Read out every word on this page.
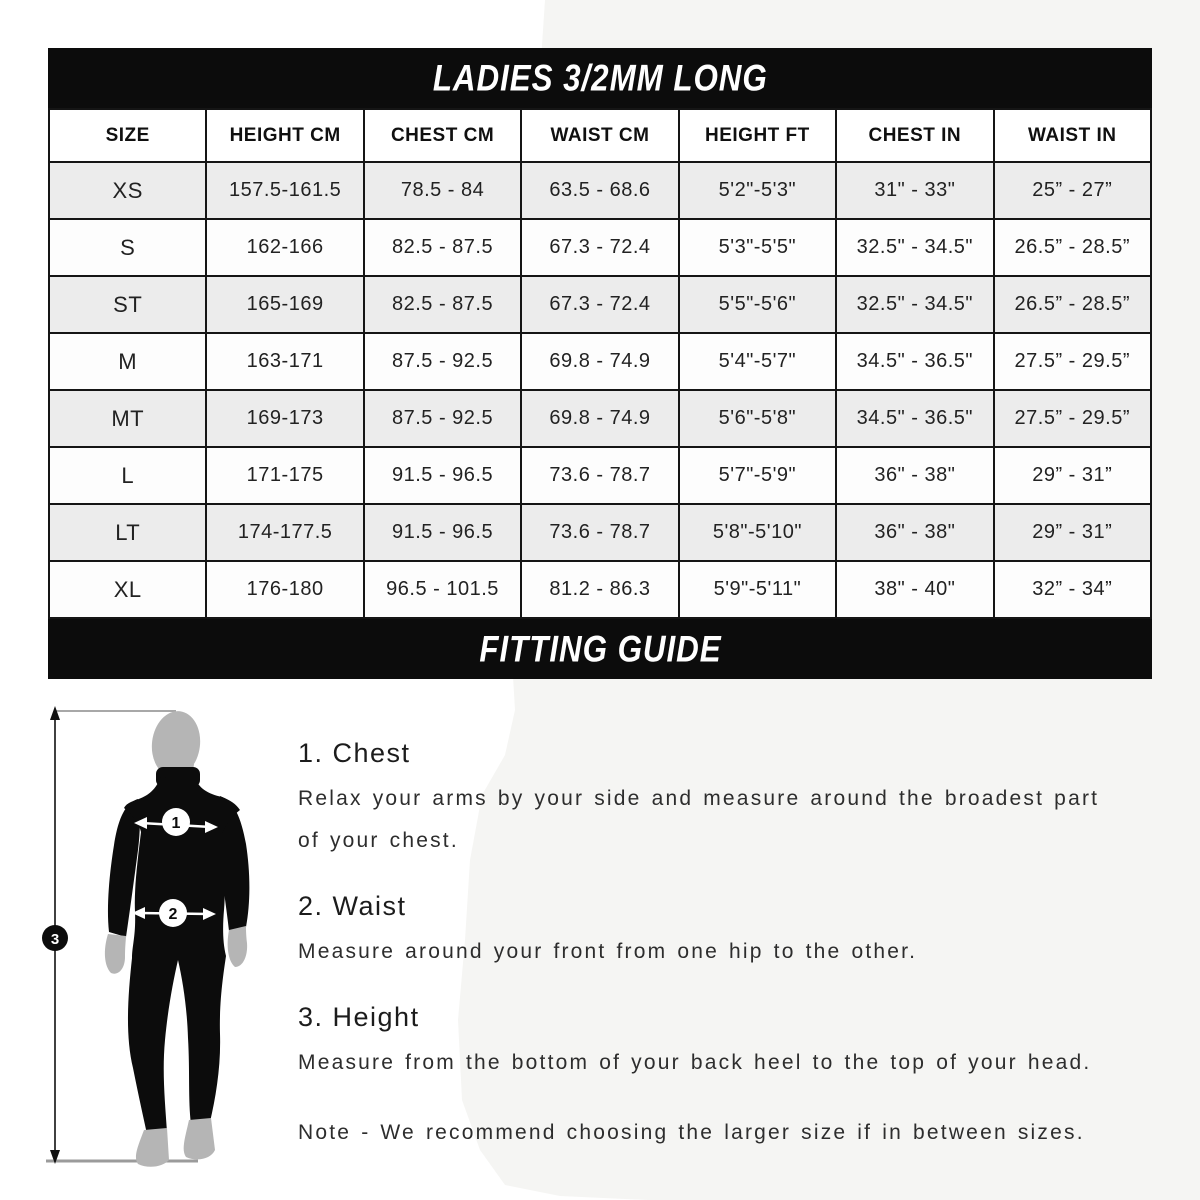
LADIES 3/2MM LONG
SIZE	HEIGHT CM	CHEST CM	WAIST CM	HEIGHT FT	CHEST IN	WAIST IN
XS	157.5-161.5	78.5 - 84	63.5 - 68.6	5'2"-5'3"	31" - 33"	25” - 27”
S	162-166	82.5 - 87.5	67.3 - 72.4	5'3"-5'5"	32.5" - 34.5"	26.5” - 28.5”
ST	165-169	82.5 - 87.5	67.3 - 72.4	5'5"-5'6"	32.5" - 34.5"	26.5” - 28.5”
M	163-171	87.5 - 92.5	69.8 - 74.9	5'4"-5'7"	34.5" - 36.5"	27.5” - 29.5”
MT	169-173	87.5 - 92.5	69.8 - 74.9	5'6"-5'8"	34.5" - 36.5"	27.5” - 29.5”
L	171-175	91.5 - 96.5	73.6 - 78.7	5'7"-5'9"	36" - 38"	29” - 31”
LT	174-177.5	91.5 - 96.5	73.6 - 78.7	5'8"-5'10"	36" - 38"	29” - 31”
XL	176-180	96.5 - 101.5	81.2 - 86.3	5'9"-5'11"	38" - 40"	32” - 34”
FITTING GUIDE
1
2
3
1. Chest
Relax your arms by your side and measure around the broadest part
of your chest.
2. Waist
Measure around your front from one hip to the other.
3. Height
Measure from the bottom of your back heel to the top of your head.
Note - We recommend choosing the larger size if in between sizes.
